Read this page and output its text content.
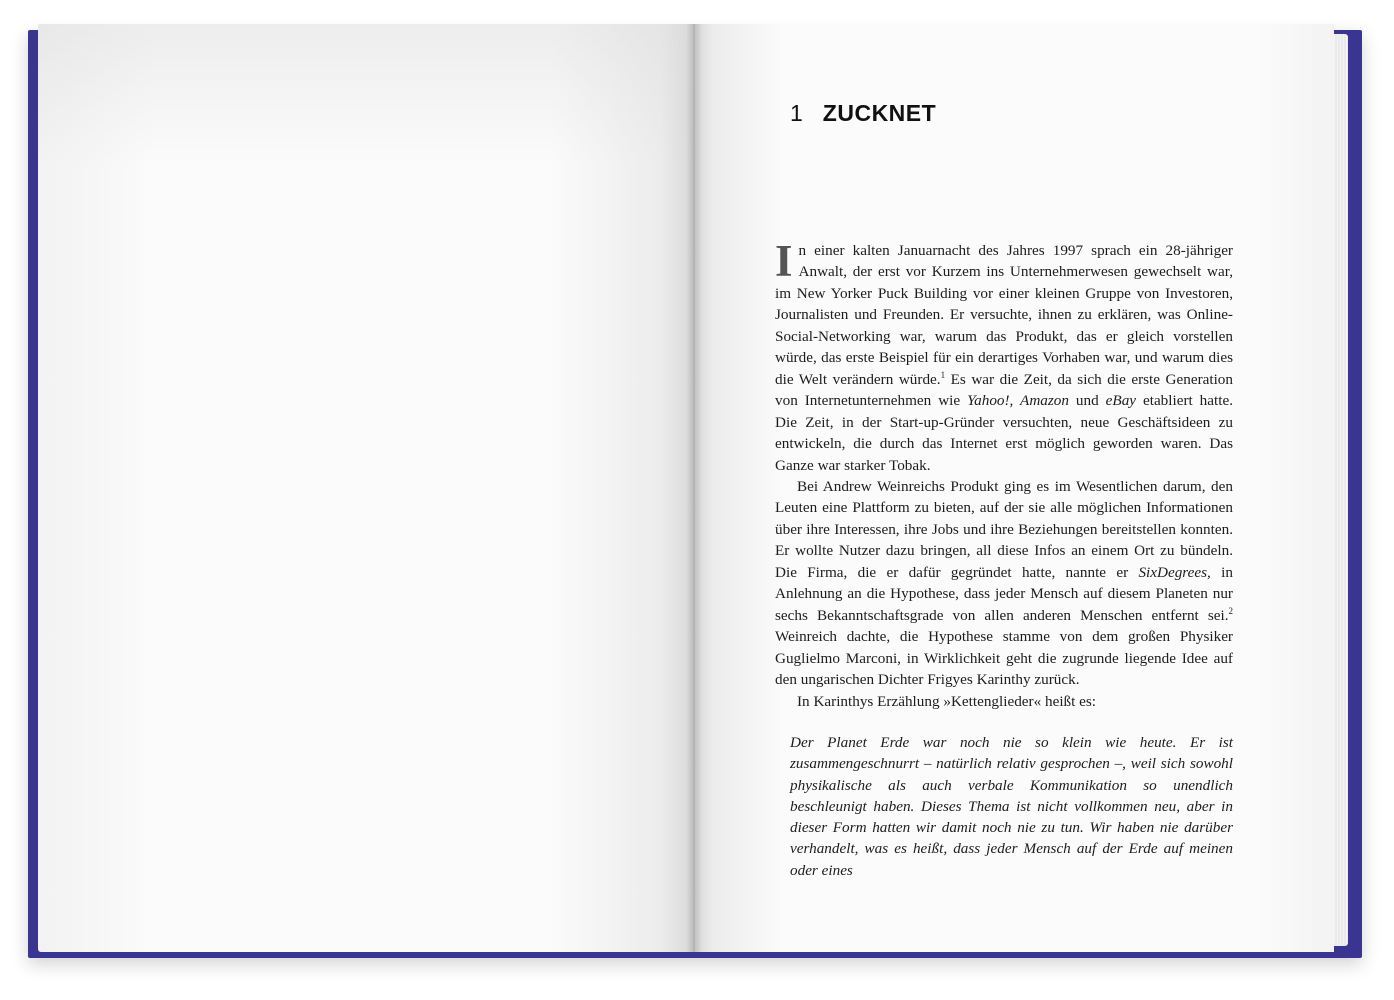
1 ZUCKNET

In einer kalten Januarnacht des Jahres 1997 sprach ein 28-jähriger Anwalt, der erst vor Kurzem ins Unternehmerwesen gewechselt war, im New Yorker Puck Building vor einer kleinen Gruppe von Investoren, Journalisten und Freunden. Er versuchte, ihnen zu erklären, was Online-Social-Networking war, warum das Produkt, das er gleich vorstellen würde, das erste Beispiel für ein derartiges Vorhaben war, und warum dies die Welt verändern würde.$^1$ Es war die Zeit, da sich die erste Generation von Internetunternehmen wie Yahoo!, Amazon und eBay etabliert hatte. Die Zeit, in der Start-up-Gründer versuchten, neue Geschäftsideen zu entwickeln, die durch das Internet erst möglich geworden waren. Das Ganze war starker Tobak.

Bei Andrew Weinreichs Produkt ging es im Wesentlichen darum, den Leuten eine Plattform zu bieten, auf der sie alle möglichen Informationen über ihre Interessen, ihre Jobs und ihre Beziehungen bereitstellen konnten. Er wollte Nutzer dazu bringen, all diese Infos an einem Ort zu bündeln. Die Firma, die er dafür gegründet hatte, nannte er SixDegrees, in Anlehnung an die Hypothese, dass jeder Mensch auf diesem Planeten nur sechs Bekanntschaftsgrade von allen anderen Menschen entfernt sei.$^2$ Weinreich dachte, die Hypothese stamme von dem großen Physiker Guglielmo Marconi, in Wirklichkeit geht die zugrunde liegende Idee auf den ungarischen Dichter Frigyes Karinthy zurück.

In Karinthys Erzählung »Kettenglieder« heißt es:

Der Planet Erde war noch nie so klein wie heute. Er ist zusammengeschnurrt – natürlich relativ gesprochen –, weil sich sowohl physikalische als auch verbale Kommunikation so unendlich beschleunigt haben. Dieses Thema ist nicht vollkommen neu, aber in dieser Form hatten wir damit noch nie zu tun. Wir haben nie darüber verhandelt, was es heißt, dass jeder Mensch auf der Erde auf meinen oder eines
